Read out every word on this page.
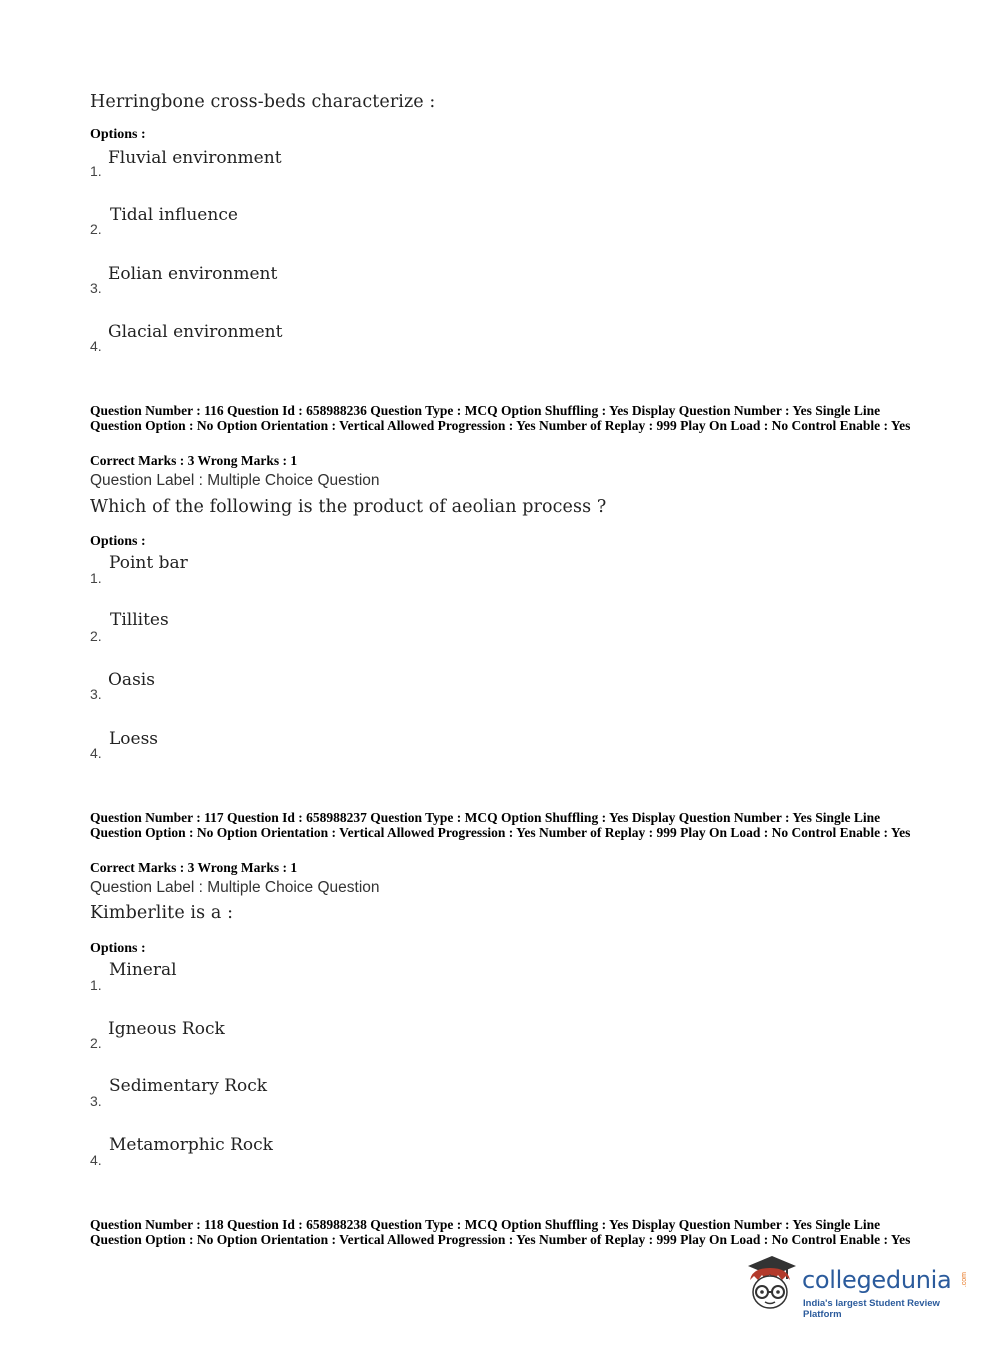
Herringbone cross-beds characterize :
Options :
1.
Fluvial environment
2.
Tidal influence
3.
Eolian environment
4.
Glacial environment
Question Number : 116 Question Id : 658988236 Question Type : MCQ Option Shuffling : Yes Display Question Number : Yes Single Line Question Option : No Option Orientation : Vertical Allowed Progression : Yes Number of Replay : 999 Play On Load : No Control Enable : Yes
Correct Marks : 3 Wrong Marks : 1
Question Label : Multiple Choice Question
Which of the following is the product of aeolian process ?
Options :
1.
Point bar
2.
Tillites
3.
Oasis
4.
Loess
Question Number : 117 Question Id : 658988237 Question Type : MCQ Option Shuffling : Yes Display Question Number : Yes Single Line Question Option : No Option Orientation : Vertical Allowed Progression : Yes Number of Replay : 999 Play On Load : No Control Enable : Yes
Correct Marks : 3 Wrong Marks : 1
Question Label : Multiple Choice Question
Kimberlite is a :
Options :
1.
Mineral
2.
Igneous Rock
3.
Sedimentary Rock
4.
Metamorphic Rock
Question Number : 118 Question Id : 658988238 Question Type : MCQ Option Shuffling : Yes Display Question Number : Yes Single Line Question Option : No Option Orientation : Vertical Allowed Progression : Yes Number of Replay : 999 Play On Load : No Control Enable : Yes
collegedunia .com
India's largest Student Review Platform
